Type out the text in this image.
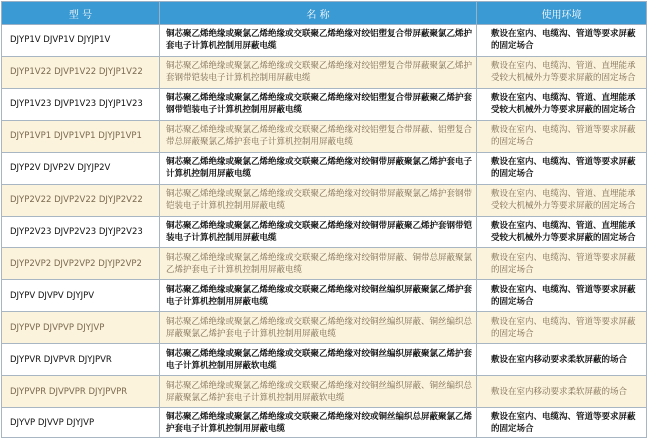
型 号	名 称	使用环境
DJYP1V DJVP1V DJYJP1V	铜芯聚乙烯绝缘或聚氯乙烯绝缘或交联聚乙烯绝缘对绞铝塑复合带屏蔽聚氯乙烯护套电子计算机控制用屏蔽电缆	敷设在室内、电缆沟、管道等要求屏蔽的固定场合
DJYP1V22 DJVP1V22 DJYJP1V22	铜芯聚乙烯绝缘或聚氯乙烯绝缘或交联聚乙烯绝缘对绞铝塑复合带屏蔽聚氯乙烯护套钢带铠装电子计算机控制用屏蔽电缆	敷设在室内、电缆沟、管道、直埋能承受较大机械外力等要求屏蔽的固定场合
DJYP1V23 DJVP1V23 DJYJP1V23	铜芯聚乙烯绝缘或聚氯乙烯绝缘或交联聚乙烯绝缘对绞铝塑复合带屏蔽聚乙烯护套钢带铠装电子计算机控制用屏蔽电缆	敷设在室内、电缆沟、管道、直埋能承受较大机械外力等要求屏蔽的固定场合
DJYP1VP1 DJVP1VP1 DJYJP1VP1	铜芯聚乙烯绝缘或聚氯乙烯绝缘或交联聚乙烯绝缘对绞铝塑复合带屏蔽、铝塑复合带总屏蔽聚氯乙烯护套电子计算机控制用屏蔽电缆	敷设在室内、电缆沟、管道等要求屏蔽的固定场合
DJYP2V DJVP2V DJYJP2V	铜芯聚乙烯绝缘或聚氯乙烯绝缘或交联聚乙烯绝缘对绞铜带屏蔽聚氯乙烯护套电子计算机控制用屏蔽电缆	敷设在室内、电缆沟、管道等要求屏蔽的固定场合
DJYP2V22 DJVP2V22 DJYJP2V22	铜芯聚乙烯绝缘或聚氯乙烯绝缘或交联聚乙烯绝缘对绞铜带屏蔽聚氯乙烯护套钢带铠装电子计算机控制用屏蔽电缆	敷设在室内、电缆沟、管道、直埋能承受较大机械外力等要求屏蔽的固定场合
DJYP2V23 DJVP2V23 DJYJP2V23	铜芯聚乙烯绝缘或聚氯乙烯绝缘或交联聚乙烯绝缘对绞铜带屏蔽聚乙烯护套钢带铠装电子计算机控制用屏蔽电缆	敷设在室内、电缆沟、管道、直埋能承受较大机械外力等要求屏蔽的固定场合
DJYP2VP2 DJVP2VP2 DJYJP2VP2	铜芯聚乙烯绝缘或聚氯乙烯绝缘或交联聚乙烯绝缘对绞铜带屏蔽、铜带总屏蔽聚氯乙烯护套电子计算机控制用屏蔽电缆	敷设在室内、电缆沟、管道等要求屏蔽的固定场合
DJYPV DJVPV DJYJPV	铜芯聚乙烯绝缘或聚氯乙烯绝缘或交联聚乙烯绝缘对绞铜丝编织屏蔽聚氯乙烯护套电子计算机控制用屏蔽电缆	敷设在室内、电缆沟、管道等要求屏蔽的固定场合
DJYPVP DJVPVP DJYJVP	铜芯聚乙烯绝缘或聚氯乙烯绝缘或交联聚乙烯绝缘对绞铜丝编织屏蔽、铜丝编织总屏蔽聚氯乙烯护套电子计算机控制用屏蔽电缆	敷设在室内、电缆沟、管道等要求屏蔽的固定场合
DJYPVR DJVPVR DJYJPVR	铜芯聚乙烯绝缘或聚氯乙烯绝缘或交联聚乙烯绝缘对绞铜丝编织屏蔽聚氯乙烯护套电子计算机控制用屏蔽软电缆	敷设在室内移动要求柔软屏蔽的场合
DJYPVPR DJVPVPR DJYJPVPR	铜芯聚乙烯绝缘或聚氯乙烯绝缘或交联聚乙烯绝缘对绞铜丝编织屏蔽、铜丝编织总屏蔽聚氯乙烯护套电子计算机控制用屏蔽软电缆	敷设在室内移动要求柔软屏蔽的场合
DJYVP DJVVP DJYJVP	铜芯聚乙烯绝缘或聚氯乙烯绝缘或交联聚乙烯绝缘对绞或铜丝编织总屏蔽聚氯乙烯护套电子计算机控制用屏蔽电缆	敷设在室内、电缆沟、管道等要求屏蔽的固定场合
